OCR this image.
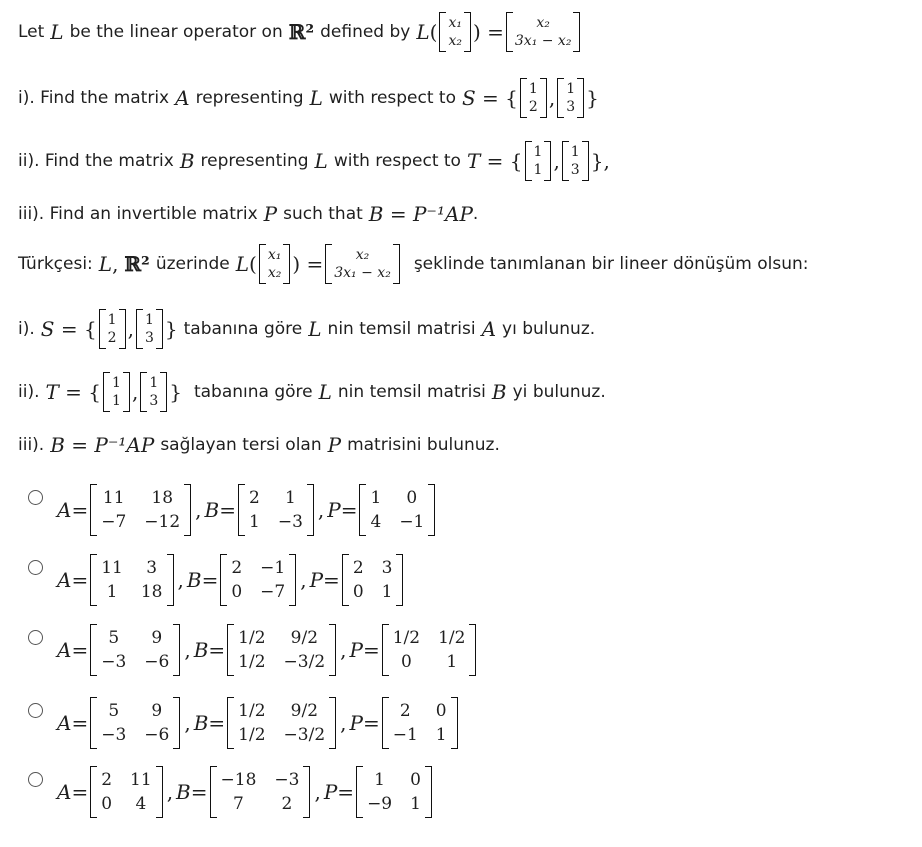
Let L be the linear operator on ℝ² defined by L ( x₁
x₂ ) = x₂
3x₁ − x₂
i). Find the matrix A representing L with respect to S = { 1
2 , 1
3 }
ii). Find the matrix B representing L with respect to T = { 1
1 , 1
3 },
iii). Find an invertible matrix P such that B = P⁻¹AP .
Türkçesi: L , ℝ² üzerinde L ( x₁
x₂ ) = x₂
3x₁ − x₂ şeklinde tanımlanan bir lineer dönüşüm olsun:
i). S = { 1
2 , 1
3 } tabanına göre L nin temsil matrisi A yı bulunuz.
ii). T = { 1
1 , 1
3 } tabanına göre L nin temsil matrisi B yi bulunuz.
iii). B = P⁻¹AP sağlayan tersi olan P matrisini bulunuz.
A = 11	18
−7 −12 , B = 2	1
1 −3 , P = 1	0
4 −1
A = 11	3
1	18 , B = 2 −1
0 −7 , P = 2 3
0 1
A =	5	9
−3 −6 , B = 1/2	9/2
1/2 −3/2 , P = 1/2 1/2
0	1
A =	5	9
−3 −6 , B = 1/2	9/2
1/2 −3/2 , P =	2	0
−1 1
A = 2 11
0	4 , B = −18 −3
7	2	, P =	1	0
−9 1
